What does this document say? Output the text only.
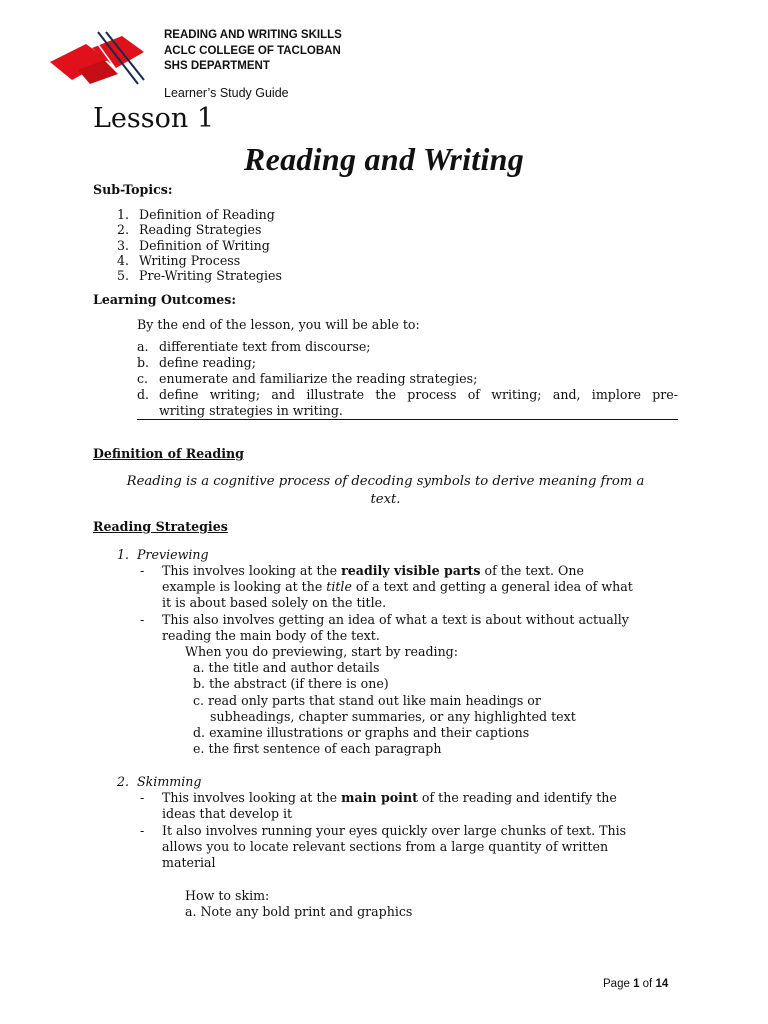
READING AND WRITING SKILLS
ACLC COLLEGE OF TACLOBAN
SHS DEPARTMENT
Learner’s Study Guide
Lesson 1
Reading and Writing
Sub-Topics:
1. Definition of Reading
2. Reading Strategies
3. Definition of Writing
4. Writing Process
5. Pre-Writing Strategies
Learning Outcomes:
By the end of the lesson, you will be able to:
a. differentiate text from discourse;
b. define reading;
c. enumerate and familiarize the reading strategies;
d. define writing; and illustrate the process of writing; and, implore pre-
writing strategies in writing.
Definition of Reading
Reading is a cognitive process of decoding symbols to derive meaning from a
text.
Reading Strategies
1. Previewing
- This involves looking at the readily visible parts of the text. One
example is looking at the title of a text and getting a general idea of what
it is about based solely on the title.
- This also involves getting an idea of what a text is about without actually
reading the main body of the text.
When you do previewing, start by reading:
a. the title and author details
b. the abstract (if there is one)
c. read only parts that stand out like main headings or
subheadings, chapter summaries, or any highlighted text
d. examine illustrations or graphs and their captions
e. the first sentence of each paragraph
2. Skimming
- This involves looking at the main point of the reading and identify the
ideas that develop it
- It also involves running your eyes quickly over large chunks of text. This
allows you to locate relevant sections from a large quantity of written
material
How to skim:
a. Note any bold print and graphics
Page 1 of 14
